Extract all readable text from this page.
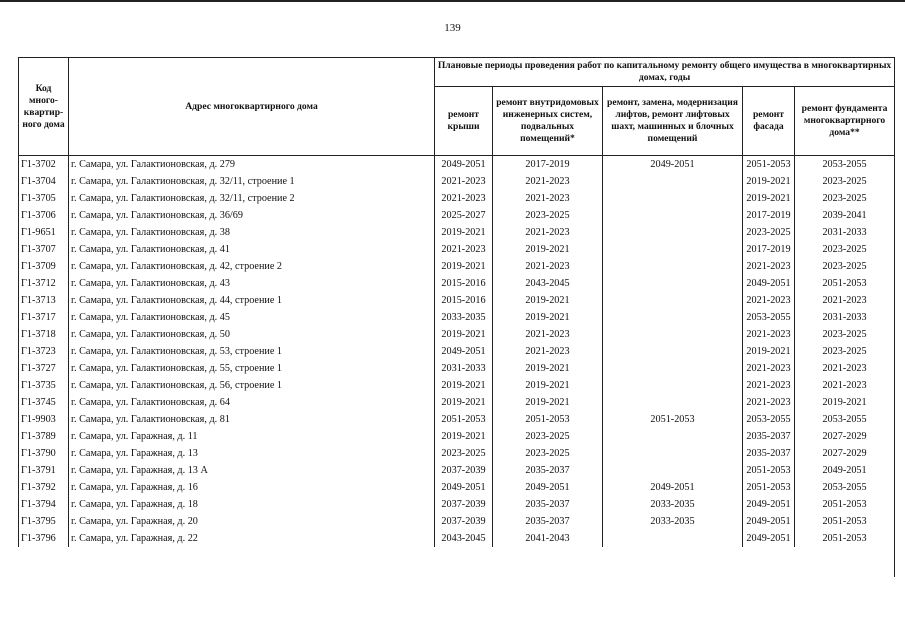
139
Код много-квартир-ного дома	Адрес многоквартирного дома	Плановые периоды проведения работ по капитальному ремонту общего имущества в многоквартирных домах, годы				
		ремонт крыши	ремонт внутридомовых инженерных систем, подвальных помещений*	ремонт, замена, модернизация лифтов, ремонт лифтовых шахт, машинных и блочных помещений	ремонт фасада	ремонт фундамента многоквартирного дома**
Г1-3702	г. Самара, ул. Галактионовская, д. 279	2049-2051	2017-2019	2049-2051	2051-2053	2053-2055
Г1-3704	г. Самара, ул. Галактионовская, д. 32/11, строение 1	2021-2023	2021-2023		2019-2021	2023-2025
Г1-3705	г. Самара, ул. Галактионовская, д. 32/11, строение 2	2021-2023	2021-2023		2019-2021	2023-2025
Г1-3706	г. Самара, ул. Галактионовская, д. 36/69	2025-2027	2023-2025		2017-2019	2039-2041
Г1-9651	г. Самара, ул. Галактионовская, д. 38	2019-2021	2021-2023		2023-2025	2031-2033
Г1-3707	г. Самара, ул. Галактионовская, д. 41	2021-2023	2019-2021		2017-2019	2023-2025
Г1-3709	г. Самара, ул. Галактионовская, д. 42, строение 2	2019-2021	2021-2023		2021-2023	2023-2025
Г1-3712	г. Самара, ул. Галактионовская, д. 43	2015-2016	2043-2045		2049-2051	2051-2053
Г1-3713	г. Самара, ул. Галактионовская, д. 44, строение 1	2015-2016	2019-2021		2021-2023	2021-2023
Г1-3717	г. Самара, ул. Галактионовская, д. 45	2033-2035	2019-2021		2053-2055	2031-2033
Г1-3718	г. Самара, ул. Галактионовская, д. 50	2019-2021	2021-2023		2021-2023	2023-2025
Г1-3723	г. Самара, ул. Галактионовская, д. 53, строение 1	2049-2051	2021-2023		2019-2021	2023-2025
Г1-3727	г. Самара, ул. Галактионовская, д. 55, строение 1	2031-2033	2019-2021		2021-2023	2021-2023
Г1-3735	г. Самара, ул. Галактионовская, д. 56, строение 1	2019-2021	2019-2021		2021-2023	2021-2023
Г1-3745	г. Самара, ул. Галактионовская, д. 64	2019-2021	2019-2021		2021-2023	2019-2021
Г1-9903	г. Самара, ул. Галактионовская, д. 81	2051-2053	2051-2053	2051-2053	2053-2055	2053-2055
Г1-3789	г. Самара, ул. Гаражная, д. 11	2019-2021	2023-2025		2035-2037	2027-2029
Г1-3790	г. Самара, ул. Гаражная, д. 13	2023-2025	2023-2025		2035-2037	2027-2029
Г1-3791	г. Самара, ул. Гаражная, д. 13 А	2037-2039	2035-2037		2051-2053	2049-2051
Г1-3792	г. Самара, ул. Гаражная, д. 16	2049-2051	2049-2051	2049-2051	2051-2053	2053-2055
Г1-3794	г. Самара, ул. Гаражная, д. 18	2037-2039	2035-2037	2033-2035	2049-2051	2051-2053
Г1-3795	г. Самара, ул. Гаражная, д. 20	2037-2039	2035-2037	2033-2035	2049-2051	2051-2053
Г1-3796	г. Самара, ул. Гаражная, д. 22	2043-2045	2041-2043		2049-2051	2051-2053
